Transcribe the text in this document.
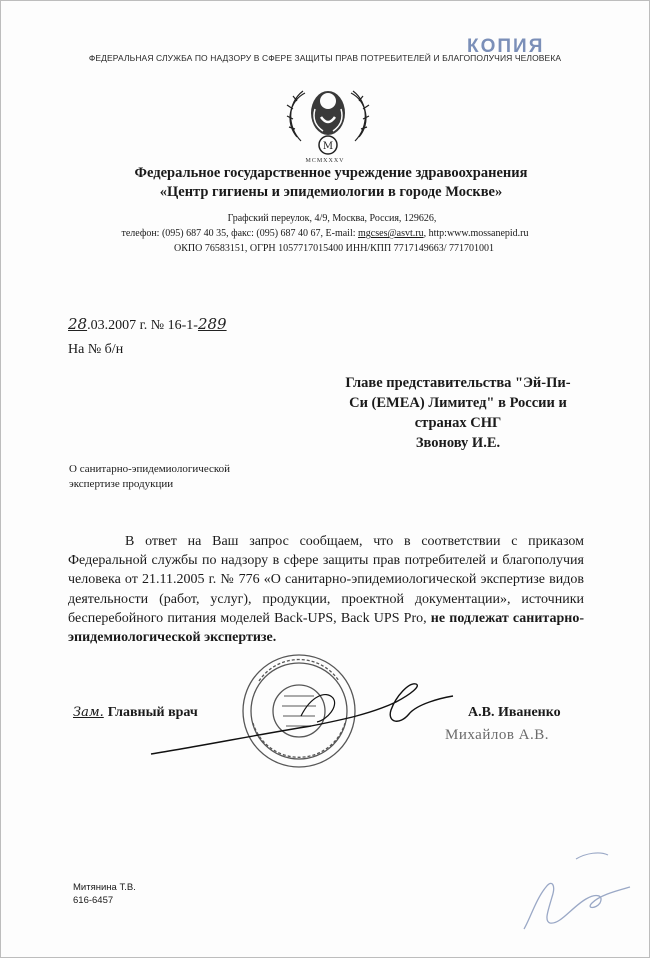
ФЕДЕРАЛЬНАЯ СЛУЖБА ПО НАДЗОРУ В СФЕРЕ ЗАЩИТЫ ПРАВ ПОТРЕБИТЕЛЕЙ И БЛАГОПОЛУЧИЯ ЧЕЛОВЕКА
КОПИЯ
M
MCMXXXV
Федеральное государственное учреждение здравоохранения
«Центр гигиены и эпидемиологии в городе Москве»
Графский переулок, 4/9, Москва, Россия, 129626,
телефон: (095) 687 40 35, факс: (095) 687 40 67, E-mail: mgcses@asvt.ru, http:www.mossanepid.ru
ОКПО 76583151, ОГРН 1057717015400 ИНН/КПП 7717149663/ 771701001
28.03.2007 г. № 16-1-289
На № б/н
Главе представительства "Эй-Пи-
Си (ЕМЕА) Лимитед" в России и
странах СНГ
Звонову И.Е.
О санитарно-эпидемиологической
экспертизе продукции
В ответ на Ваш запрос сообщаем, что в соответствии с приказом Федеральной службы по надзору в сфере защиты прав потребителей и благополучия человека от 21.11.2005 г. № 776 «О санитарно-эпидемиологической экспертизе видов деятельности (работ, услуг), продукции, проектной документации», источники бесперебойного питания моделей Back-UPS, Back UPS Pro, не подлежат санитарно-эпидемиологической экспертизе.
Зам. Главный врач	А.В. Иваненко
Михайлов А.В.
Митянина Т.В.
616-6457
